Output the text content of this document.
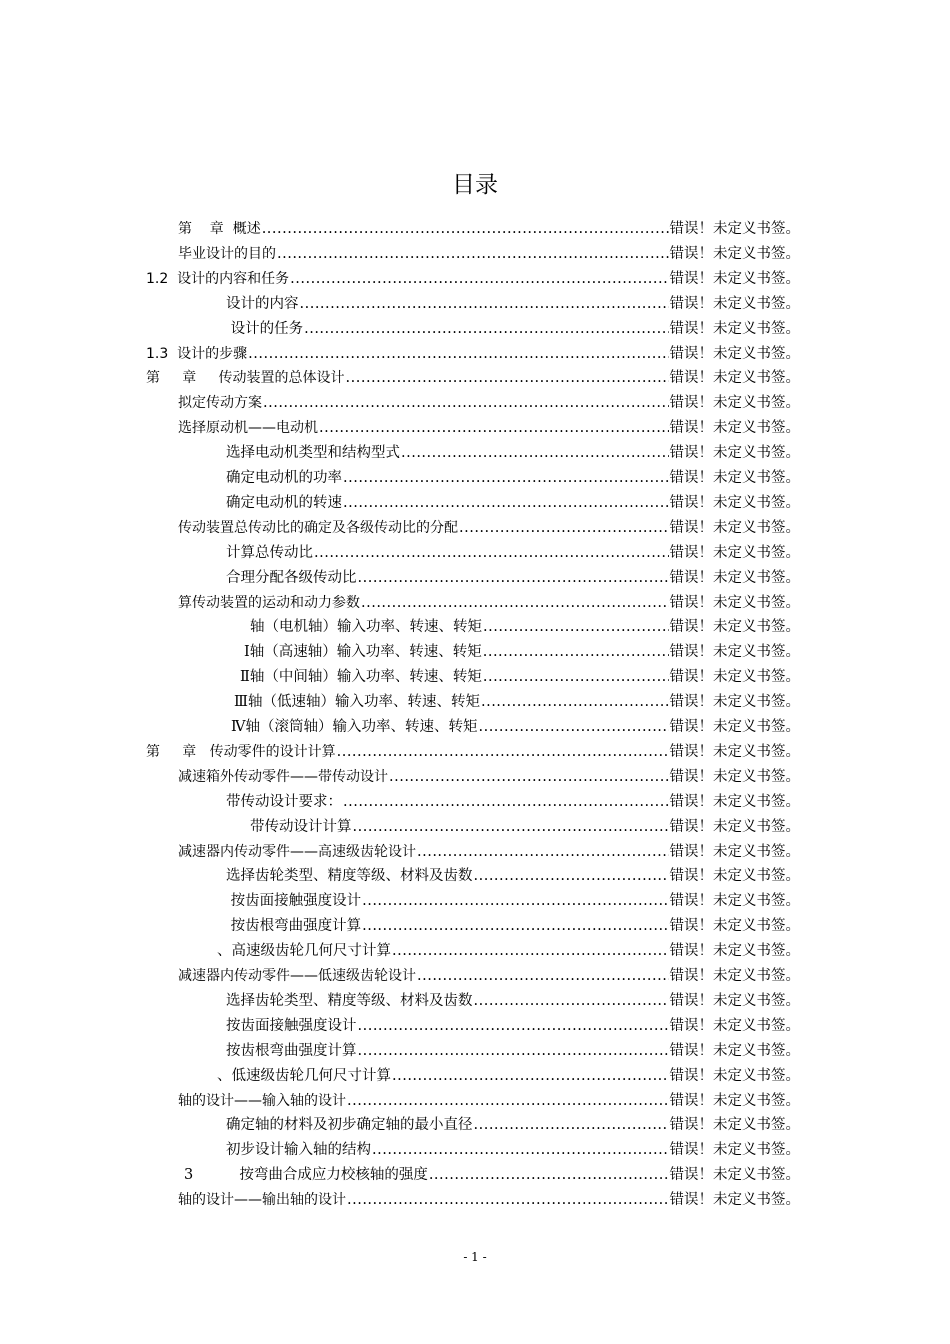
目录
第    章  概述 .....	错误！未定义书签。
毕业设计的目的 .....	错误！未定义书签。
1.2  设计的内容和任务 .....	错误！未定义书签。
设计的内容 .....	错误！未定义书签。
设计的任务 .....	错误！未定义书签。
1.3  设计的步骤 .....	错误！未定义书签。
第     章     传动装置的总体设计 .....	错误！未定义书签。
拟定传动方案 .....	错误！未定义书签。
选择原动机——电动机 .....	错误！未定义书签。
选择电动机类型和结构型式 .....	错误！未定义书签。
确定电动机的功率 .....	错误！未定义书签。
确定电动机的转速 .....	错误！未定义书签。
传动装置总传动比的确定及各级传动比的分配 .....	错误！未定义书签。
计算总传动比 .....	错误！未定义书签。
合理分配各级传动比 .....	错误！未定义书签。
算传动装置的运动和动力参数 .....	错误！未定义书签。
轴（电机轴）输入功率、转速、转矩 .....	错误！未定义书签。
Ⅰ轴（高速轴）输入功率、转速、转矩 .....	错误！未定义书签。
Ⅱ轴（中间轴）输入功率、转速、转矩 .....	错误！未定义书签。
Ⅲ轴（低速轴）输入功率、转速、转矩 .....	错误！未定义书签。
Ⅳ轴（滚筒轴）输入功率、转速、转矩 .....	错误！未定义书签。
第     章   传动零件的设计计算 .....	错误！未定义书签。
减速箱外传动零件——带传动设计 .....	错误！未定义书签。
带传动设计要求： .....	错误！未定义书签。
带传动设计计算 .....	错误！未定义书签。
减速器内传动零件——高速级齿轮设计 .....	错误！未定义书签。
选择齿轮类型、精度等级、材料及齿数 .....	错误！未定义书签。
按齿面接触强度设计 .....	错误！未定义书签。
按齿根弯曲强度计算 .....	错误！未定义书签。
、高速级齿轮几何尺寸计算 .....	错误！未定义书签。
减速器内传动零件——低速级齿轮设计 .....	错误！未定义书签。
选择齿轮类型、精度等级、材料及齿数 .....	错误！未定义书签。
按齿面接触强度设计 .....	错误！未定义书签。
按齿根弯曲强度计算 .....	错误！未定义书签。
、低速级齿轮几何尺寸计算 .....	错误！未定义书签。
轴的设计——输入轴的设计 .....	错误！未定义书签。
确定轴的材料及初步确定轴的最小直径 .....	错误！未定义书签。
初步设计输入轴的结构 .....	错误！未定义书签。
3          按弯曲合成应力校核轴的强度 .....	错误！未定义书签。
轴的设计——输出轴的设计 .....	错误！未定义书签。
- 1 -
